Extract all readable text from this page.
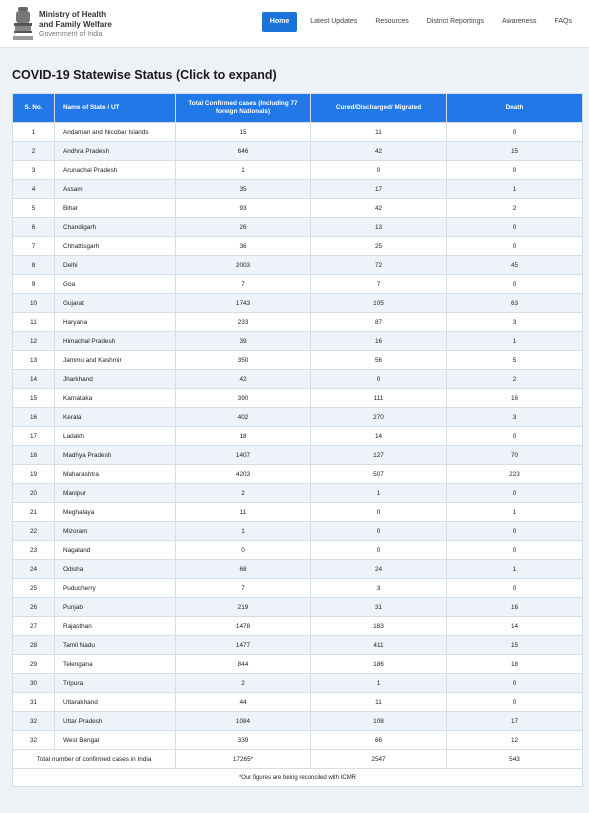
Ministry of Health
and Family Welfare
Government of India
Home	Latest Updates	Resources	District Reportings	Awareness	FAQs
COVID-19 Statewise Status (Click to expand)
S. No.	Name of State / UT	Total Confirmed cases (Including 77 foreign Nationals)	Cured/Discharged/ Migrated	Death
1	Andaman and Nicobar Islands	15	11	0
2	Andhra Pradesh	646	42	15
3	Arunachal Pradesh	1	0	0
4	Assam	35	17	1
5	Bihar	93	42	2
6	Chandigarh	26	13	0
7	Chhattisgarh	36	25	0
8	Delhi	2003	72	45
9	Goa	7	7	0
10	Gujarat	1743	105	63
11	Haryana	233	87	3
12	Himachal Pradesh	39	16	1
13	Jammu and Kashmir	350	56	5
14	Jharkhand	42	0	2
15	Karnataka	390	111	16
16	Kerala	402	270	3
17	Ladakh	18	14	0
18	Madhya Pradesh	1407	127	70
19	Maharashtra	4203	507	223
20	Manipur	2	1	0
21	Meghalaya	11	0	1
22	Mizoram	1	0	0
23	Nagaland	0	0	0
24	Odisha	68	24	1
25	Puducherry	7	3	0
26	Punjab	219	31	16
27	Rajasthan	1478	183	14
28	Tamil Nadu	1477	411	15
29	Telengana	844	186	18
30	Tripura	2	1	0
31	Uttarakhand	44	11	0
32	Uttar Pradesh	1084	108	17
32	West Bengal	339	66	12
Total number of confirmed cases in India		17265*	2547	543
*Our figures are being reconciled with ICMR				
